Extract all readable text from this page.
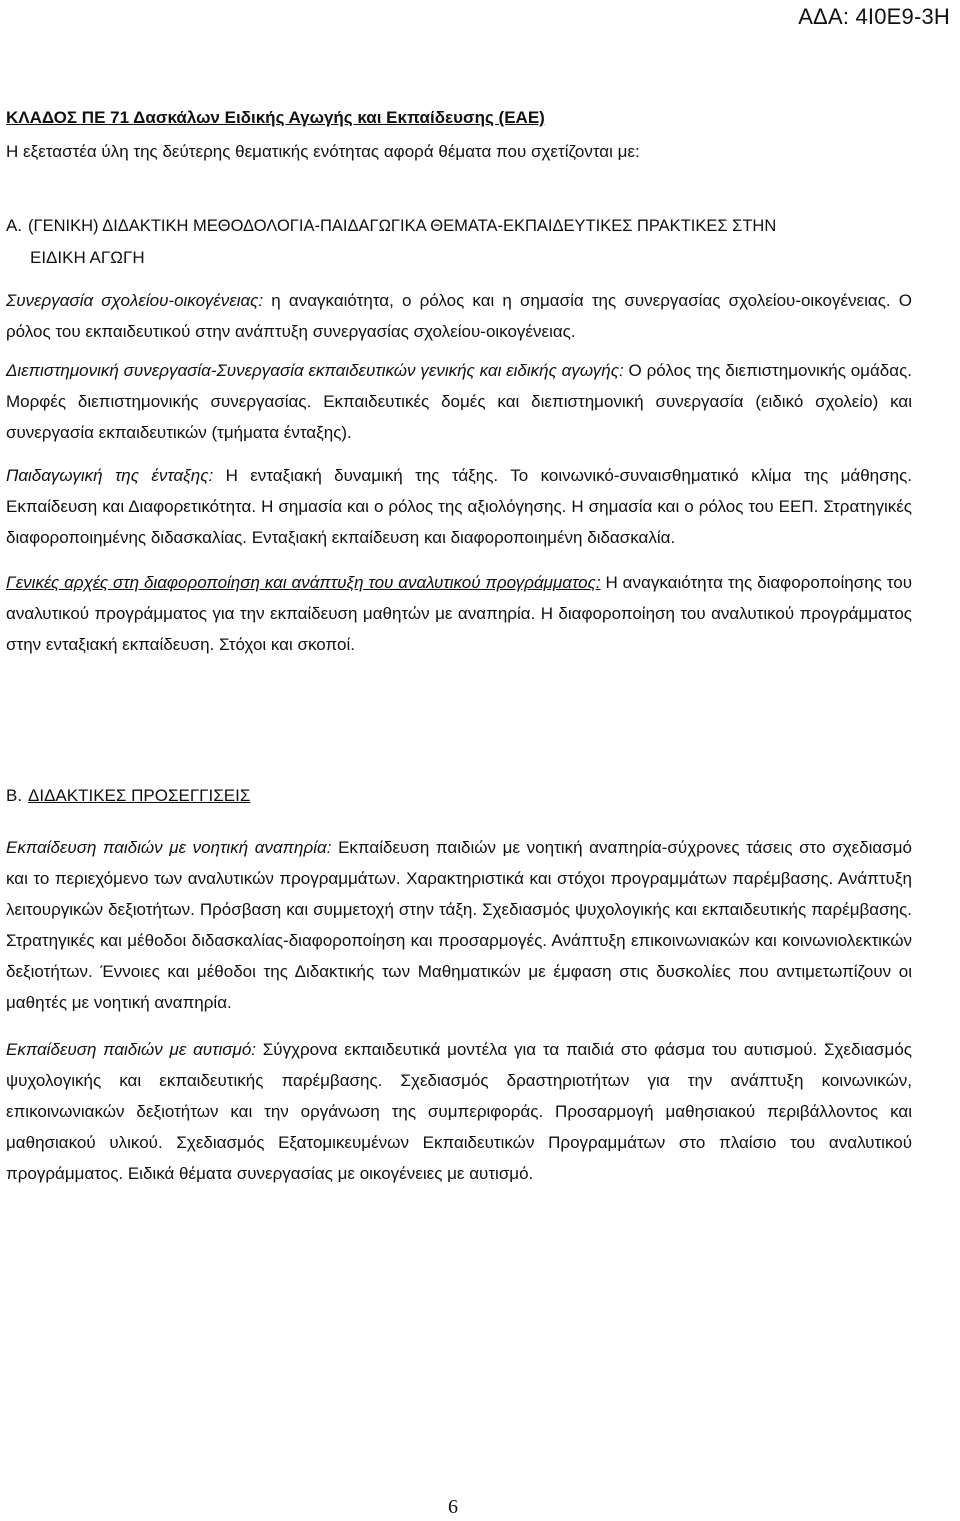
ΑΔΑ: 4Ι0Ε9-3Η

ΚΛΑΔΟΣ ΠΕ 71 Δασκάλων Ειδικής Αγωγής και Εκπαίδευσης (ΕΑΕ)

Η εξεταστέα ύλη της δεύτερης θεματικής ενότητας αφορά θέματα που σχετίζονται με:

Α. (ΓΕΝΙΚΗ) ΔΙΔΑΚΤΙΚΗ ΜΕΘΟΔΟΛΟΓΙΑ-ΠΑΙΔΑΓΩΓΙΚΑ ΘΕΜΑΤΑ-ΕΚΠΑΙΔΕΥΤΙΚΕΣ ΠΡΑΚΤΙΚΕΣ ΣΤΗΝ

ΕΙΔΙΚΗ ΑΓΩΓΗ

Συνεργασία σχολείου-οικογένειας: η αναγκαιότητα, ο ρόλος και η σημασία της συνεργασίας σχολείου-οικογένειας. Ο ρόλος του εκπαιδευτικού στην ανάπτυξη συνεργασίας σχολείου-οικογένειας.

Διεπιστημονική συνεργασία-Συνεργασία εκπαιδευτικών γενικής και ειδικής αγωγής: Ο ρόλος της διεπιστημονικής ομάδας. Μορφές διεπιστημονικής συνεργασίας. Εκπαιδευτικές δομές και διεπιστημονική συνεργασία (ειδικό σχολείο) και συνεργασία εκπαιδευτικών (τμήματα ένταξης).

Παιδαγωγική της ένταξης: Η ενταξιακή δυναμική της τάξης. Το κοινωνικό-συναισθηματικό κλίμα της μάθησης. Εκπαίδευση και Διαφορετικότητα. Η σημασία και ο ρόλος της αξιολόγησης. Η σημασία και ο ρόλος του ΕΕΠ. Στρατηγικές διαφοροποιημένης διδασκαλίας. Ενταξιακή εκπαίδευση και διαφοροποιημένη διδασκαλία.

Γενικές αρχές στη διαφοροποίηση και ανάπτυξη του αναλυτικού προγράμματος: Η αναγκαιότητα της διαφοροποίησης του αναλυτικού προγράμματος για την εκπαίδευση μαθητών με αναπηρία. Η διαφοροποίηση του αναλυτικού προγράμματος στην ενταξιακή εκπαίδευση. Στόχοι και σκοποί.

Β. ΔΙΔΑΚΤΙΚΕΣ ΠΡΟΣΕΓΓΙΣΕΙΣ

Εκπαίδευση παιδιών με νοητική αναπηρία: Εκπαίδευση παιδιών με νοητική αναπηρία-σύχρονες τάσεις στο σχεδιασμό και το περιεχόμενο των αναλυτικών προγραμμάτων. Χαρακτηριστικά και στόχοι προγραμμάτων παρέμβασης. Ανάπτυξη λειτουργικών δεξιοτήτων. Πρόσβαση και συμμετοχή στην τάξη. Σχεδιασμός ψυχολογικής και εκπαιδευτικής παρέμβασης. Στρατηγικές και μέθοδοι διδασκαλίας-διαφοροποίηση και προσαρμογές. Ανάπτυξη επικοινωνιακών και κοινωνιολεκτικών δεξιοτήτων. Έννοιες και μέθοδοι της Διδακτικής των Μαθηματικών με έμφαση στις δυσκολίες που αντιμετωπίζουν οι μαθητές με νοητική αναπηρία.

Εκπαίδευση παιδιών με αυτισμό: Σύγχρονα εκπαιδευτικά μοντέλα για τα παιδιά στο φάσμα του αυτισμού. Σχεδιασμός ψυχολογικής και εκπαιδευτικής παρέμβασης. Σχεδιασμός δραστηριοτήτων για την ανάπτυξη κοινωνικών, επικοινωνιακών δεξιοτήτων και την οργάνωση της συμπεριφοράς. Προσαρμογή μαθησιακού περιβάλλοντος και μαθησιακού υλικού. Σχεδιασμός Εξατομικευμένων Εκπαιδευτικών Προγραμμάτων στο πλαίσιο του αναλυτικού προγράμματος. Ειδικά θέματα συνεργασίας με οικογένειες με αυτισμό.

6
